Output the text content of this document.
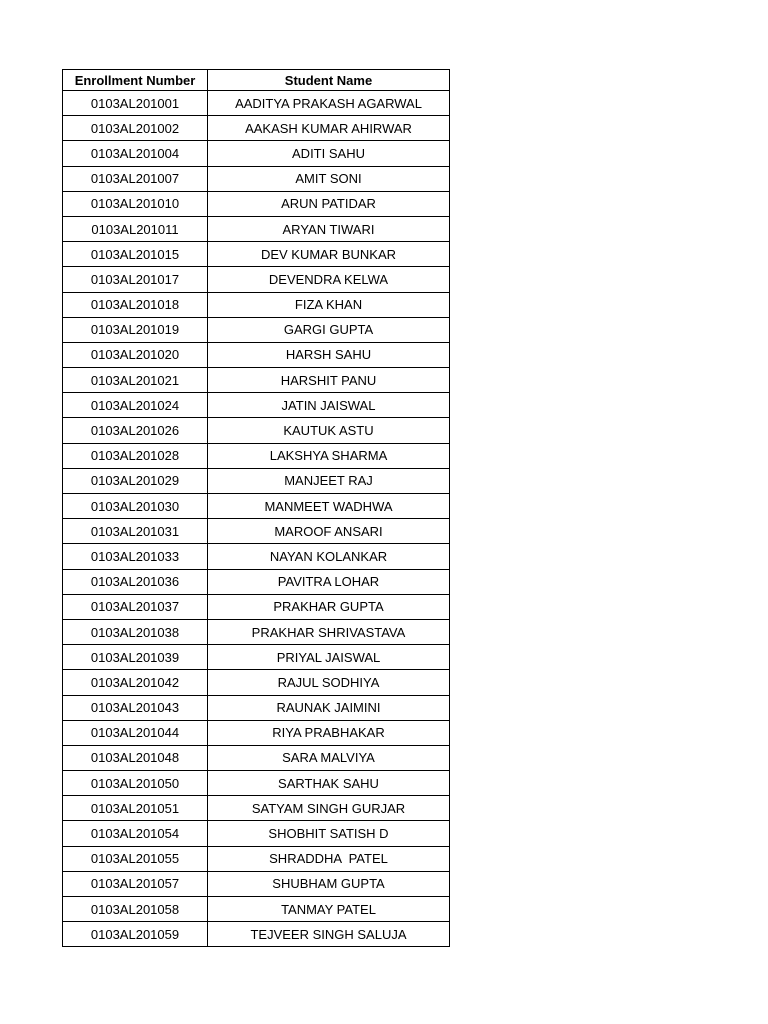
Enrollment Number	Student Name
0103AL201001	AADITYA PRAKASH AGARWAL
0103AL201002	AAKASH KUMAR AHIRWAR
0103AL201004	ADITI SAHU
0103AL201007	AMIT SONI
0103AL201010	ARUN PATIDAR
0103AL201011	ARYAN TIWARI
0103AL201015	DEV KUMAR BUNKAR
0103AL201017	DEVENDRA KELWA
0103AL201018	FIZA KHAN
0103AL201019	GARGI GUPTA
0103AL201020	HARSH SAHU
0103AL201021	HARSHIT PANU
0103AL201024	JATIN JAISWAL
0103AL201026	KAUTUK ASTU
0103AL201028	LAKSHYA SHARMA
0103AL201029	MANJEET RAJ
0103AL201030	MANMEET WADHWA
0103AL201031	MAROOF ANSARI
0103AL201033	NAYAN KOLANKAR
0103AL201036	PAVITRA LOHAR
0103AL201037	PRAKHAR GUPTA
0103AL201038	PRAKHAR SHRIVASTAVA
0103AL201039	PRIYAL JAISWAL
0103AL201042	RAJUL SODHIYA
0103AL201043	RAUNAK JAIMINI
0103AL201044	RIYA PRABHAKAR
0103AL201048	SARA MALVIYA
0103AL201050	SARTHAK SAHU
0103AL201051	SATYAM SINGH GURJAR
0103AL201054	SHOBHIT SATISH D
0103AL201055	SHRADDHA  PATEL
0103AL201057	SHUBHAM GUPTA
0103AL201058	TANMAY PATEL
0103AL201059	TEJVEER SINGH SALUJA
